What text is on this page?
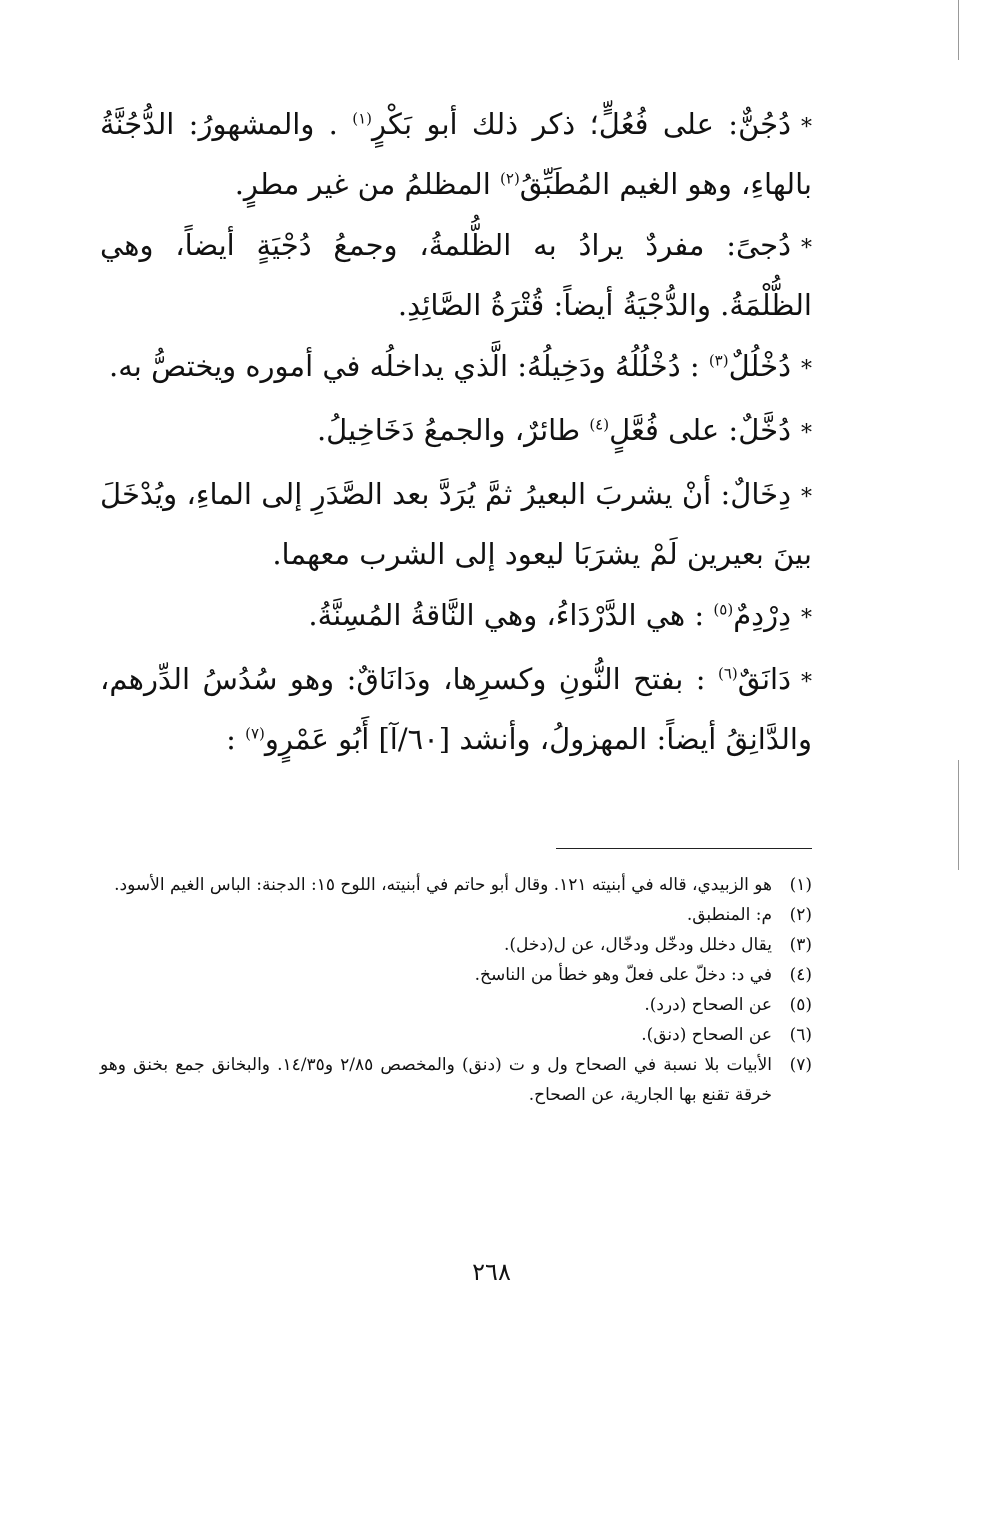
*دُجُنٌّ: على فُعُلٍّ؛ ذكر ذلك أبو بَكْرٍ$^{(١)}$ . والمشهورُ: الدُّجُنَّةُ بالهاءِ، وهو الغيم المُطَبِّقُ$^{(٢)}$ المظلمُ من غير مطرٍ.

*دُجىً: مفردٌ يرادُ به الظُّلمةُ، وجمعُ دُجْيَةٍ أيضاً، وهي الظُّلْمَةُ. والدُّجْيَةُ أيضاً: قُتْرَةُ الصَّائِدِ.

*دُخْلُلٌ$^{(٣)}$ : دُخْلُلُهُ ودَخِيلُهُ: الَّذي يداخلُه في أموره ويختصُّ به.

*دُخَّلٌ: على فُعَّلٍ$^{(٤)}$ طائرٌ، والجمعُ دَخَاخِيلُ.

*دِخَالٌ: أنْ يشربَ البعيرُ ثمَّ يُرَدَّ بعد الصَّدَرِ إلى الماءِ، ويُدْخَلَ بينَ بعيرين لَمْ يشرَبَا ليعود إلى الشرب معهما.

*دِرْدِمٌ$^{(٥)}$ : هي الدَّرْدَاءُ، وهي النَّاقةُ المُسِنَّةُ.

*دَانَقٌ$^{(٦)}$ : بفتح النُّونِ وكسرِها، ودَانَاقٌ: وهو سُدُسُ الدِّرهم، والدَّانِقُ أيضاً: المهزولُ، وأنشد [٦٠/آ] أَبُو عَمْرٍو$^{(٧)}$ :

(١)
هو الزبيدي، قاله في أبنيته ١٢١. وقال أبو حاتم في أبنيته، اللوح ١٥: الدجنة: الباس الغيم الأسود.
(٢)
م: المنطبق.
(٣)
يقال دخلل ودخّل ودخّال، عن ل(دخل).
(٤)
في د: دخلّ على فعلّ وهو خطأ من الناسخ.
(٥)
عن الصحاح (درد).
(٦)
عن الصحاح (دنق).
(٧)
الأبيات بلا نسبة في الصحاح ول و ت (دنق) والمخصص ٢/٨٥ و١٤/٣٥. والبخانق جمع بخنق وهو خرقة تقنع بها الجارية، عن الصحاح.
٢٦٨
